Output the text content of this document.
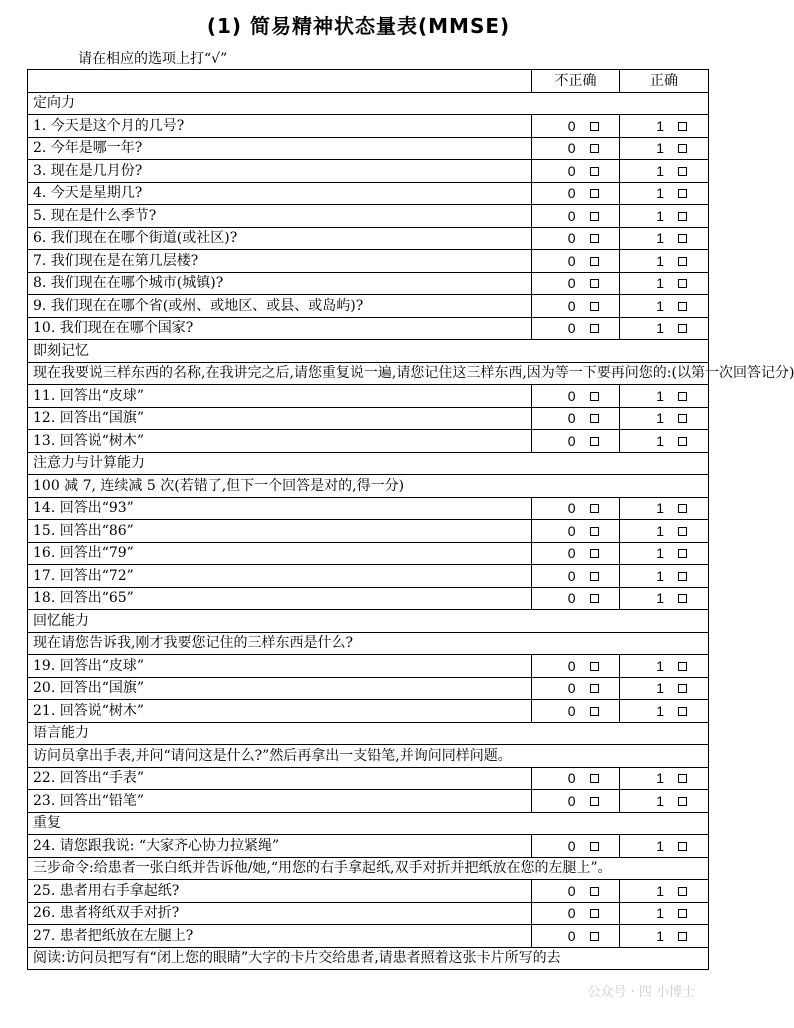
(1) 简易精神状态量表(MMSE)
请在相应的选项上打“√”
	不正确	正确
定向力		
1. 今天是这个月的几号?	0	1
2. 今年是哪一年?	0	1
3. 现在是几月份?	0	1
4. 今天是星期几?	0	1
5. 现在是什么季节?	0	1
6. 我们现在在哪个街道(或社区)?	0	1
7. 我们现在是在第几层楼?	0	1
8. 我们现在在哪个城市(城镇)?	0	1
9. 我们现在在哪个省(或州、或地区、或县、或岛屿)?	0	1
10. 我们现在在哪个国家?	0	1
即刻记忆		
现在我要说三样东西的名称,在我讲完之后,请您重复说一遍,请您记住这三样东西,因为等一下要再问您的:(以第一次回答记分)		
11. 回答出“皮球”	0	1
12. 回答出“国旗”	0	1
13. 回答说“树木”	0	1
注意力与计算能力		
100 减 7, 连续减 5 次(若错了,但下一个回答是对的,得一分)		
14. 回答出“93”	0	1
15. 回答出“86”	0	1
16. 回答出“79”	0	1
17. 回答出“72”	0	1
18. 回答出“65”	0	1
回忆能力		
现在请您告诉我,刚才我要您记住的三样东西是什么?		
19. 回答出“皮球”	0	1
20. 回答出“国旗”	0	1
21. 回答说“树木”	0	1
语言能力		
访问员拿出手表,并问“请问这是什么?”然后再拿出一支铅笔,并询问同样问题。		
22. 回答出“手表”	0	1
23. 回答出“铅笔”	0	1
重复		
24. 请您跟我说: “大家齐心协力拉紧绳”	0	1
三步命令:给患者一张白纸并告诉他/她,“用您的右手拿起纸,双手对折并把纸放在您的左腿上”。		
25. 患者用右手拿起纸?	0	1
26. 患者将纸双手对折?	0	1
27. 患者把纸放在左腿上?	0	1
阅读:访问员把写有“闭上您的眼睛”大字的卡片交给患者,请患者照着这张卡片所写的去		
公众号 · 四 小博士
